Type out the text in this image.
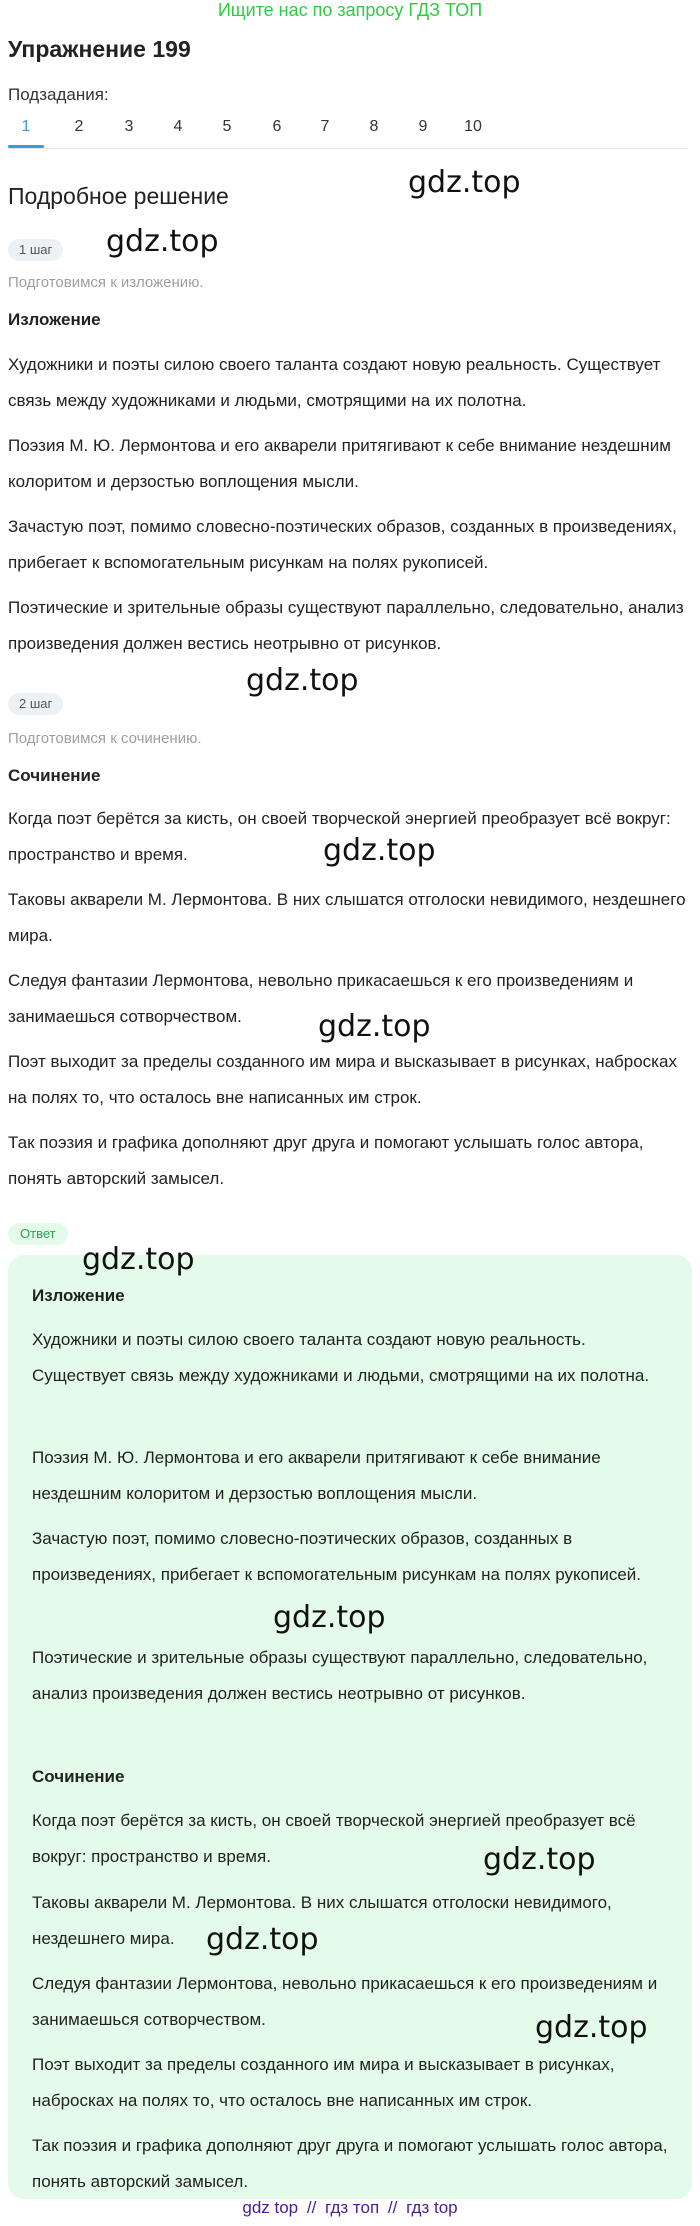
Ищите нас по запросу ГДЗ ТОП
Упражнение 199
Подзадания:
1	2	3	4	5	6	7	8	9	10
Подробное решение
1 шаг
Подготовимся к изложению.
Изложение
Художники и поэты силою своего таланта создают новую реальность. Существует связь между художниками и людьми, смотрящими на их полотна.
Поэзия М. Ю. Лермонтова и его акварели притягивают к себе внимание нездешним колоритом и дерзостью воплощения мысли.
Зачастую поэт, помимо словесно-поэтических образов, созданных в произведениях, прибегает к вспомогательным рисункам на полях рукописей.
Поэтические и зрительные образы существуют параллельно, следовательно, анализ произведения должен вестись неотрывно от рисунков.
2 шаг
Подготовимся к сочинению.
Сочинение
Когда поэт берётся за кисть, он своей творческой энергией преобразует всё вокруг: пространство и время.
Таковы акварели М. Лермонтова. В них слышатся отголоски невидимого, нездешнего мира.
Следуя фантазии Лермонтова, невольно прикасаешься к его произведениям и занимаешься сотворчеством.
Поэт выходит за пределы созданного им мира и высказывает в рисунках, набросках на полях то, что осталось вне написанных им строк.
Так поэзия и графика дополняют друг друга и помогают услышать голос автора, понять авторский замысел.
Ответ
Изложение
Художники и поэты силою своего таланта создают новую реальность. Существует связь между художниками и людьми, смотрящими на их полотна.
Поэзия М. Ю. Лермонтова и его акварели притягивают к себе внимание нездешним колоритом и дерзостью воплощения мысли.
Зачастую поэт, помимо словесно-поэтических образов, созданных в произведениях, прибегает к вспомогательным рисункам на полях рукописей.
Поэтические и зрительные образы существуют параллельно, следовательно, анализ произведения должен вестись неотрывно от рисунков.
Сочинение
Когда поэт берётся за кисть, он своей творческой энергией преобразует всё вокруг: пространство и время.
Таковы акварели М. Лермонтова. В них слышатся отголоски невидимого, нездешнего мира.
Следуя фантазии Лермонтова, невольно прикасаешься к его произведениям и занимаешься сотворчеством.
Поэт выходит за пределы созданного им мира и высказывает в рисунках, набросках на полях то, что осталось вне написанных им строк.
Так поэзия и графика дополняют друг друга и помогают услышать голос автора, понять авторский замысел.
gdz.top
gdz.top
gdz.top
gdz.top
gdz.top
gdz.top
gdz.top
gdz.top
gdz.top
gdz.top
gdz top // гдз топ // гдз top
